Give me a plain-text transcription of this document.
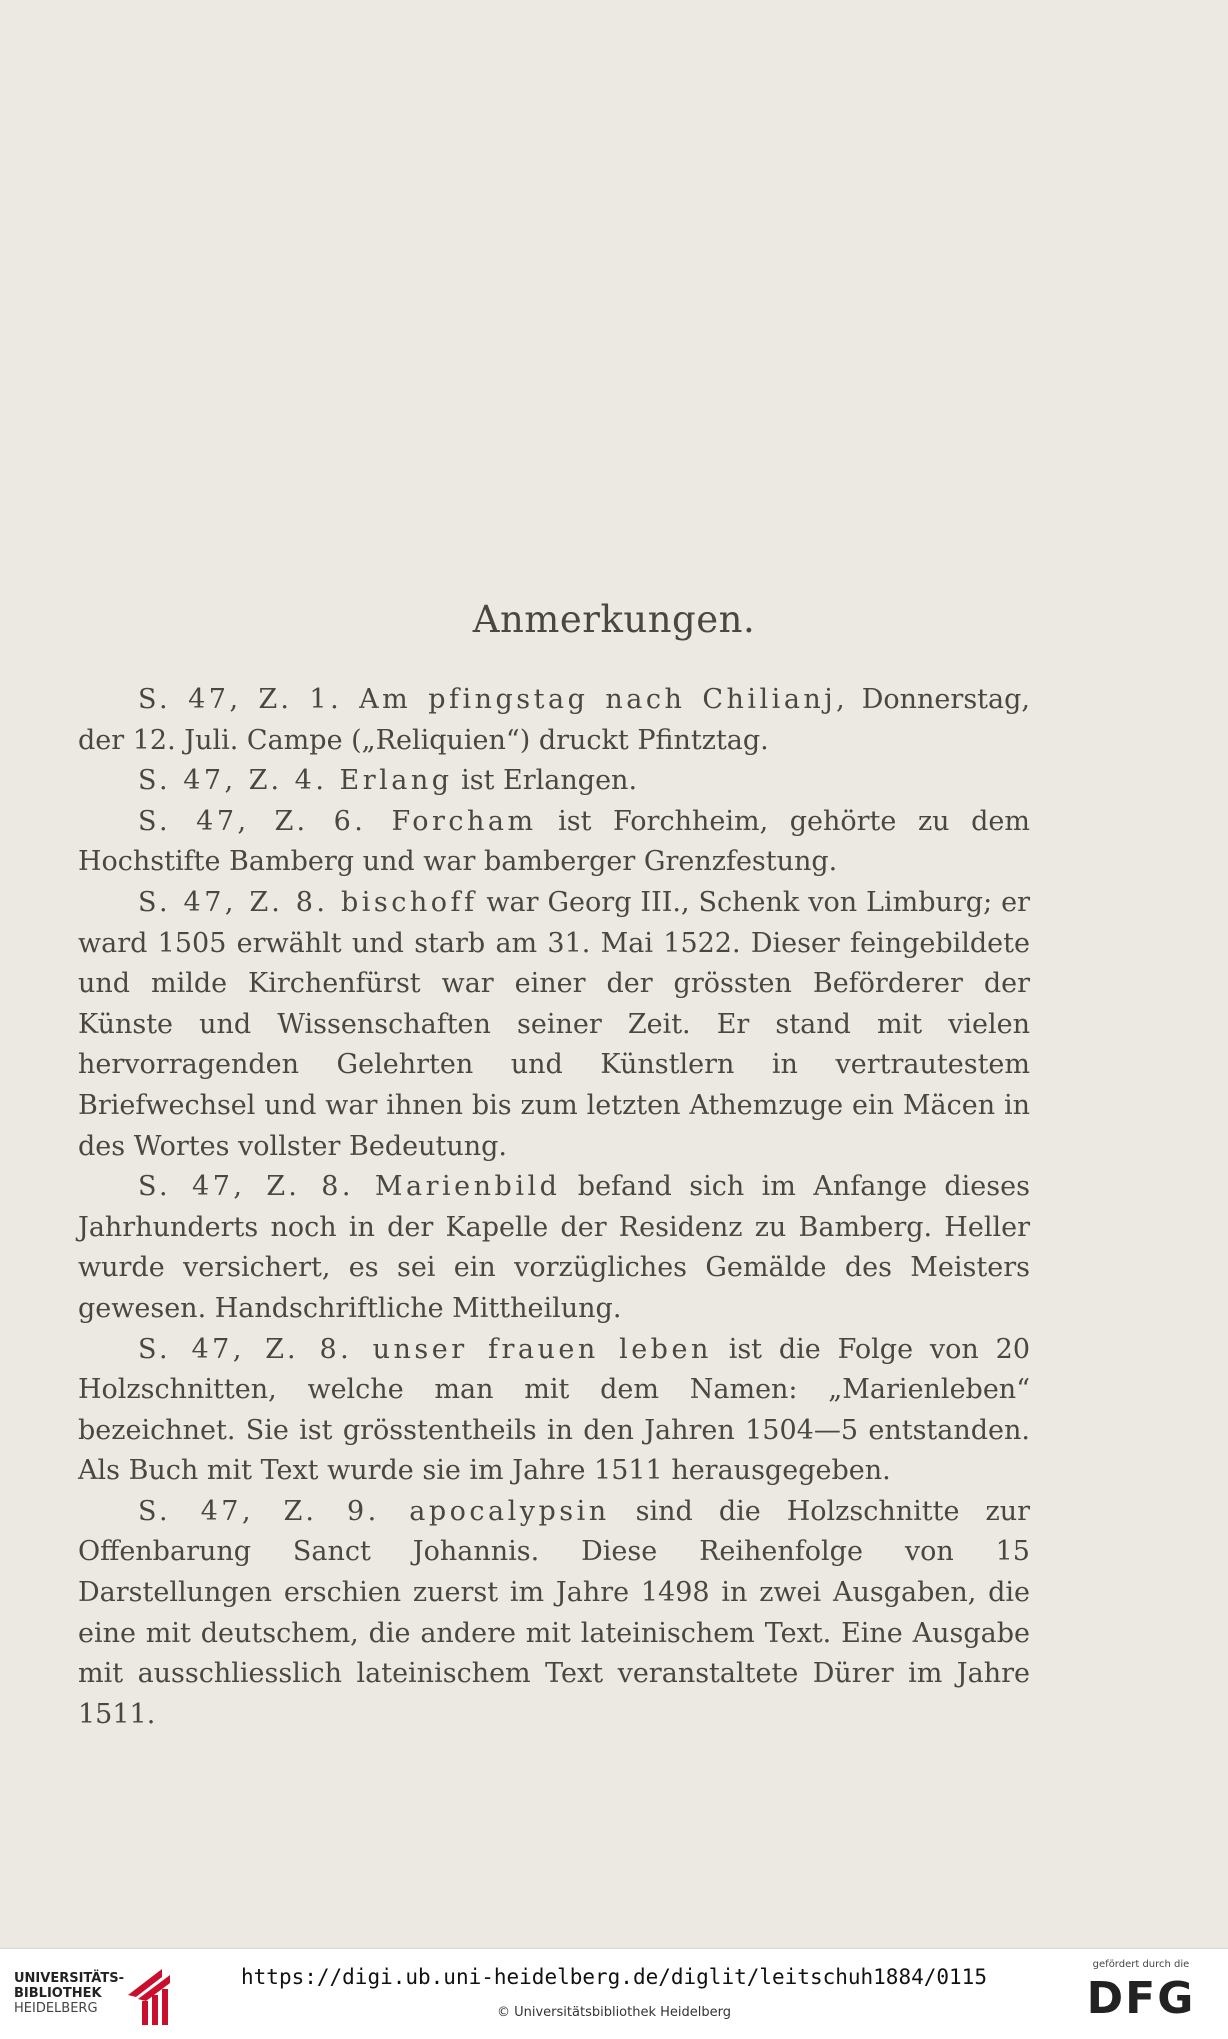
Anmerkungen.

S. 47, Z. 1. Am pfingstag nach Chilianj, Donnerstag, der 12. Juli. Campe („Reliquien“) druckt Pfintztag.

S. 47, Z. 4. Erlang ist Erlangen.

S. 47, Z. 6. Forcham ist Forchheim, gehörte zu dem Hochstifte Bamberg und war bamberger Grenzfestung.

S. 47, Z. 8. bischoff war Georg III., Schenk von Limburg; er ward 1505 erwählt und starb am 31. Mai 1522. Dieser feingebildete und milde Kirchenfürst war einer der grössten Beförderer der Künste und Wissenschaften seiner Zeit. Er stand mit vielen hervorragenden Gelehrten und Künstlern in vertrautestem Briefwechsel und war ihnen bis zum letzten Athemzuge ein Mäcen in des Wortes vollster Bedeutung.

S. 47, Z. 8. Marienbild befand sich im Anfange dieses Jahrhunderts noch in der Kapelle der Residenz zu Bamberg. Heller wurde versichert, es sei ein vorzügliches Gemälde des Meisters gewesen. Handschriftliche Mittheilung.

S. 47, Z. 8. unser frauen leben ist die Folge von 20 Holzschnitten, welche man mit dem Namen: „Marienleben“ bezeichnet. Sie ist grösstentheils in den Jahren 1504—5 entstanden. Als Buch mit Text wurde sie im Jahre 1511 herausgegeben.

S. 47, Z. 9. apocalypsin sind die Holzschnitte zur Offenbarung Sanct Johannis. Diese Reihenfolge von 15 Darstellungen erschien zuerst im Jahre 1498 in zwei Ausgaben, die eine mit deutschem, die andere mit lateinischem Text. Eine Ausgabe mit ausschliesslich lateinischem Text veranstaltete Dürer im Jahre 1511.

UNIVERSITÄTS-
BIBLIOTHEK
HEIDELBERG
https://digi.ub.uni-heidelberg.de/diglit/leitschuh1884/0115
© Universitätsbibliothek Heidelberg
gefördert durch die
DFG
